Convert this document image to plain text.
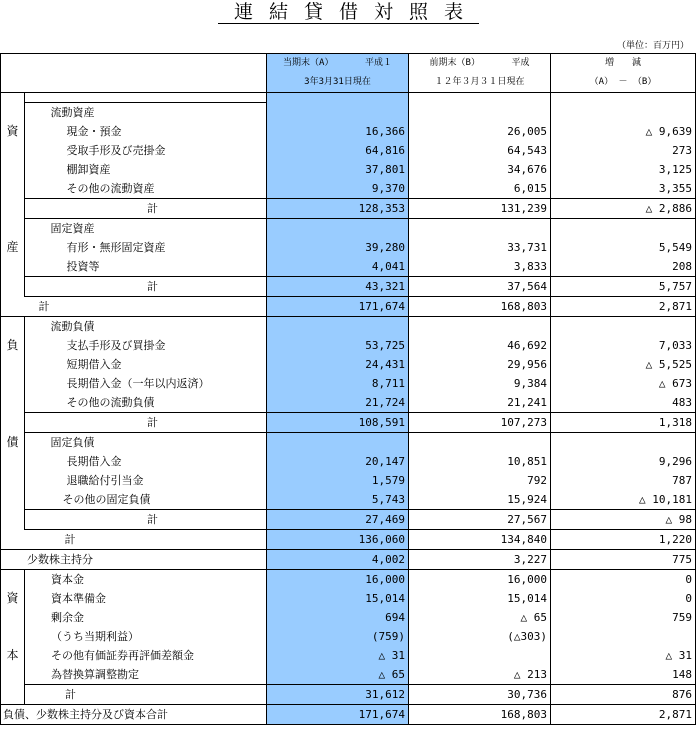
連結貸借対照表
（単位：百万円）

			当期末（A）　　　　平成１
3年3月31日現在	前期末（B）　　　　平成
１２年３月３１日現在	増　　減
（A） － （B）

		流動資産			
資		現金・預金	16,366	26,005	△ 9,639
		受取手形及び売掛金	64,816	64,543	273
		棚卸資産	37,801	34,676	3,125
		その他の流動資産	9,370	6,015	3,355
	計		128,353	131,239	△ 2,886
		固定資産			
産		有形・無形固定資産	39,280	33,731	5,549
		投資等	4,041	3,833	208
	計		43,321	37,564	5,757
	計		171,674	168,803	2,871
		流動負債			
負		支払手形及び買掛金	53,725	46,692	7,033
		短期借入金	24,431	29,956	△ 5,525
		長期借入金（一年以内返済）	8,711	9,384	△ 673
		その他の流動負債	21,724	21,241	483
	計		108,591	107,273	1,318
債		固定負債			
		長期借入金	20,147	10,851	9,296
		退職給付引当金	1,579	792	787
		その他の固定負債	5,743	15,924	△ 10,181
	計		27,469	27,567	△ 98
	計		136,060	134,840	1,220
少数株主持分			4,002	3,227	775
	資本金		16,000	16,000	0
資	資本準備金		15,014	15,014	0
	剰余金		694	△ 65	759
	（うち当期利益）		(759)	(△303)	
本	その他有価証券再評価差額金		△ 31		△ 31
	為替換算調整勘定		△ 65	△ 213	148
	計		31,612	30,736	876
負債、少数株主持分及び資本合計			171,674	168,803	2,871
